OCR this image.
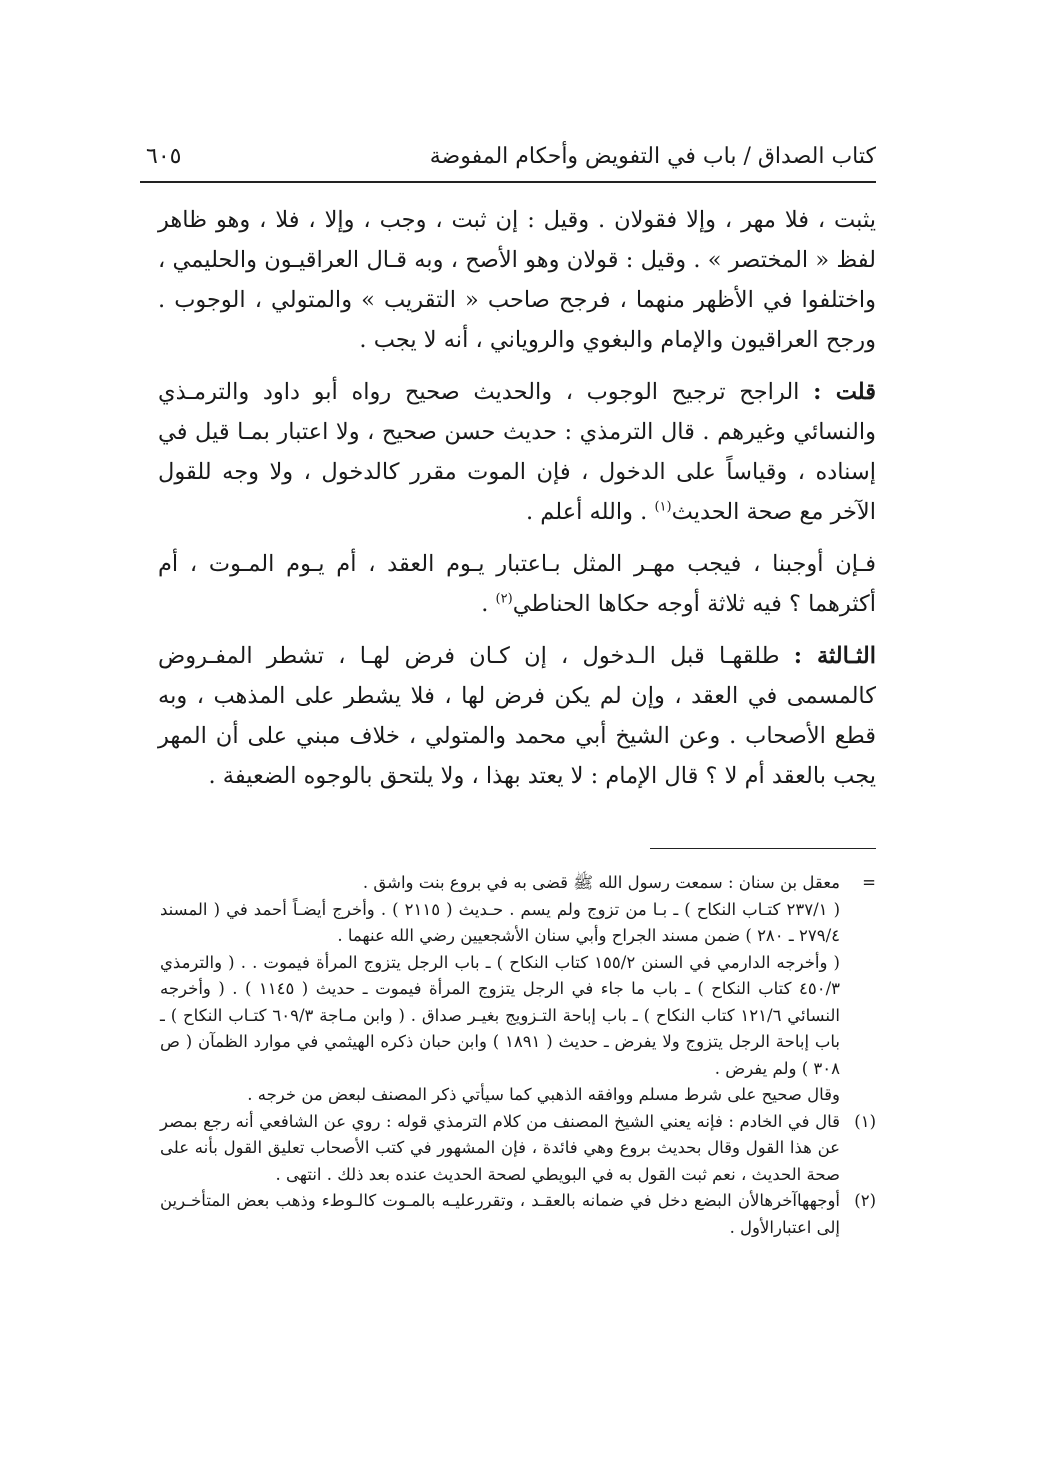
كتاب الصداق / باب في التفويض وأحكام المفوضة
٦٠٥

يثبت ، فلا مهر ، وإلا فقولان . وقيل : إن ثبت ، وجب ، وإلا ، فلا ، وهو ظاهر لفظ « المختصر » . وقيل : قولان وهو الأصح ، وبه قـال العراقيـون والحليمي ، واختلفوا في الأظهر منهما ، فرجح صاحب « التقريب » والمتولي ، الوجوب . ورجح العراقيون والإمام والبغوي والروياني ، أنه لا يجب .

قلت : الراجح ترجيح الوجوب ، والحديث صحيح رواه أبو داود والترمـذي والنسائي وغيرهم . قال الترمذي : حديث حسن صحيح ، ولا اعتبار بمـا قيل في إسناده ، وقياساً على الدخول ، فإن الموت مقرر كالدخول ، ولا وجه للقول الآخر مع صحة الحديث$^{(١)}$ . والله أعلم .

فـإن أوجبنا ، فيجب مهـر المثل بـاعتبار يـوم العقد ، أم يـوم المـوت ، أم أكثرهما ؟ فيه ثلاثة أوجه حكاها الحناطي$^{(٢)}$ .

الثـالثة : طلقهـا قبل الـدخول ، إن كـان فرض لهـا ، تشطر المفـروض كالمسمى في العقد ، وإن لم يكن فرض لها ، فلا يشطر على المذهب ، وبه قطع الأصحاب . وعن الشيخ أبي محمد والمتولي ، خلاف مبني على أن المهر يجب بالعقد أم لا ؟ قال الإمام : لا يعتد بهذا ، ولا يلتحق بالوجوه الضعيفة .

=
معقل بن سنان : سمعت رسول الله ﷺ قضى به في بروع بنت واشق .

( ٢٣٧/١ كتـاب النكاح ) ـ بـا من تزوج ولم يسم . حـديث ( ٢١١٥ ) . وأخرج أيضـاً أحمد في ( المسند ٢٧٩/٤ ـ ٢٨٠ ) ضمن مسند الجراح وأبي سنان الأشجعيين رضي الله عنهما .

( وأخرجه الدارمي في السنن ١٥٥/٢ كتاب النكاح ) ـ باب الرجل يتزوج المرأة فيموت . . ( والترمذي ٤٥٠/٣ كتاب النكاح ) ـ باب ما جاء في الرجل يتزوج المرأة فيموت ـ حديث ( ١١٤٥ ) . ( وأخرجه النسائي ١٢١/٦ كتاب النكاح ) ـ باب إباحة التـزويج بغيـر صداق . ( وابن مـاجة ٦٠٩/٣ كتـاب النكاح ) ـ باب إباحة الرجل يتزوج ولا يفرض ـ حديث ( ١٨٩١ ) وابن حبان ذكره الهيثمي في موارد الظمآن ( ص ٣٠٨ ) ولم يفرض .

وقال صحيح على شرط مسلم ووافقه الذهبي كما سيأتي ذكر المصنف لبعض من خرجه .

(١)
قال في الخادم : فإنه يعني الشيخ المصنف من كلام الترمذي قوله : روي عن الشافعي أنه رجع بمصر عن هذا القول وقال بحديث بروع وهي فائدة ، فإن المشهور في كتب الأصحاب تعليق القول بأنه على صحة الحديث ، نعم ثبت القول به في البويطي لصحة الحديث عنده بعد ذلك . انتهى .

(٢)
أوجههاآخرهالأن البضع دخل في ضمانه بالعقـد ، وتقررعليـه بالمـوت كالـوطء وذهب بعض المتأخـرين إلى اعتبارالأول .
